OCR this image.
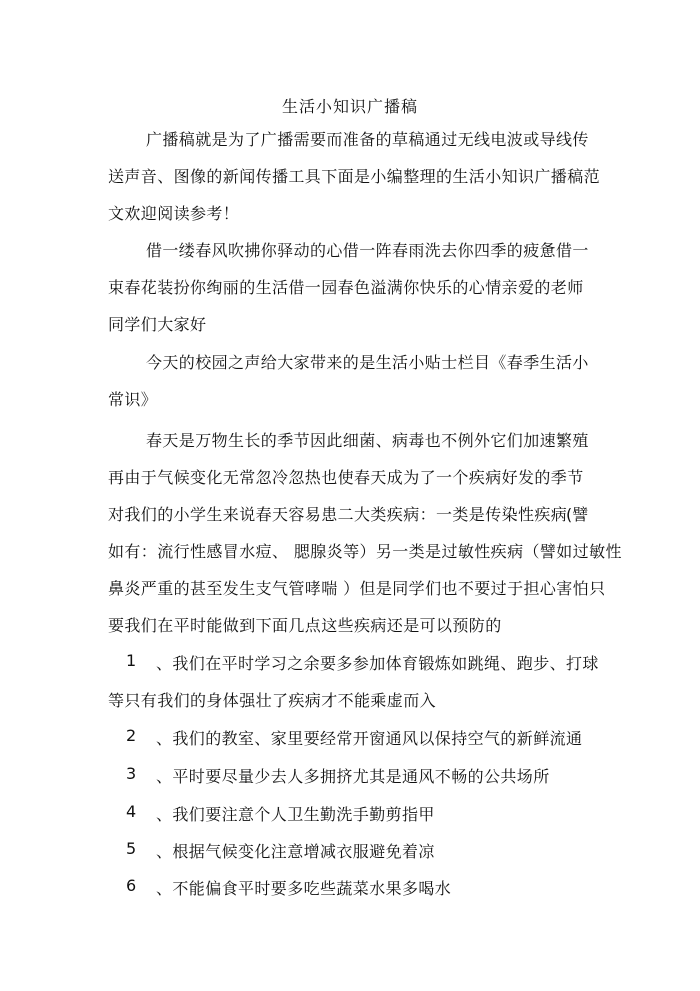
生活小知识广播稿
广播稿就是为了广播需要而准备的草稿通过无线电波或导线传
送声音、图像的新闻传播工具下面是小编整理的生活小知识广播稿范
文欢迎阅读参考！
借一缕春风吹拂你驿动的心借一阵春雨洗去你四季的疲惫借一
束春花装扮你绚丽的生活借一园春色溢满你快乐的心情亲爱的老师
同学们大家好
今天的校园之声给大家带来的是生活小贴士栏目《春季生活小
常识》
春天是万物生长的季节因此细菌、病毒也不例外它们加速繁殖
再由于气候变化无常忽冷忽热也使春天成为了一个疾病好发的季节
对我们的小学生来说春天容易患二大类疾病：一类是传染性疾病
(譬
如有：流行性感冒水痘、 腮腺炎等）另一类是过敏性疾病（譬如过敏性
鼻炎严重的甚至发生支气管哮喘 ）但是同学们也不要过于担心害怕只
要我们在平时能做到下面几点这些疾病还是可以预防的
1 、我们在平时学习之余要多参加体育锻炼如跳绳、跑步、打球
等只有我们的身体强壮了疾病才不能乘虚而入
2 、我们的教室、家里要经常开窗通风以保持空气的新鲜流通
3 、平时要尽量少去人多拥挤尤其是通风不畅的公共场所
4 、我们要注意个人卫生勤洗手勤剪指甲
5 、根据气候变化注意增减衣服避免着凉
6 、不能偏食平时要多吃些蔬菜水果多喝水
